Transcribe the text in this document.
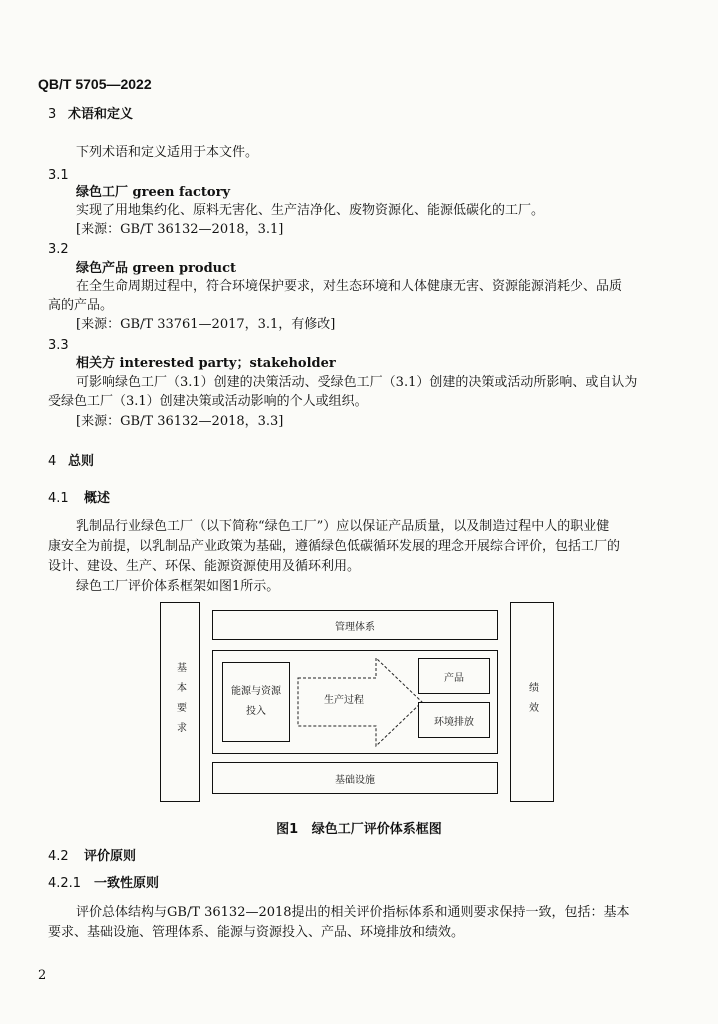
QB/T 5705—2022
3 术语和定义
下列术语和定义适用于本文件。
3.1
绿色工厂 green factory
实现了用地集约化、原料无害化、生产洁净化、废物资源化、能源低碳化的工厂。
[来源：GB/T 36132—2018，3.1]
3.2
绿色产品 green product
在全生命周期过程中，符合环境保护要求，对生态环境和人体健康无害、资源能源消耗少、品质
高的产品。
[来源：GB/T 33761—2017，3.1，有修改]
3.3
相关方 interested party；stakeholder
可影响绿色工厂（3.1）创建的决策活动、受绿色工厂（3.1）创建的决策或活动所影响、或自认为
受绿色工厂（3.1）创建决策或活动影响的个人或组织。
[来源：GB/T 36132—2018，3.3]
4 总则
4.1 概述
乳制品行业绿色工厂（以下简称“绿色工厂”）应以保证产品质量，以及制造过程中人的职业健
康安全为前提，以乳制品产业政策为基础，遵循绿色低碳循环发展的理念开展综合评价，包括工厂的
设计、建设、生产、环保、能源资源使用及循环利用。
绿色工厂评价体系框架如图1所示。
基本要求
管理体系
能源与资源
投入
生产过程
产品
环境排放	绩效
基础设施
图1 绿色工厂评价体系框图
4.2 评价原则
4.2.1 一致性原则
评价总体结构与GB/T 36132—2018提出的相关评价指标体系和通则要求保持一致，包括：基本
要求、基础设施、管理体系、能源与资源投入、产品、环境排放和绩效。
2
